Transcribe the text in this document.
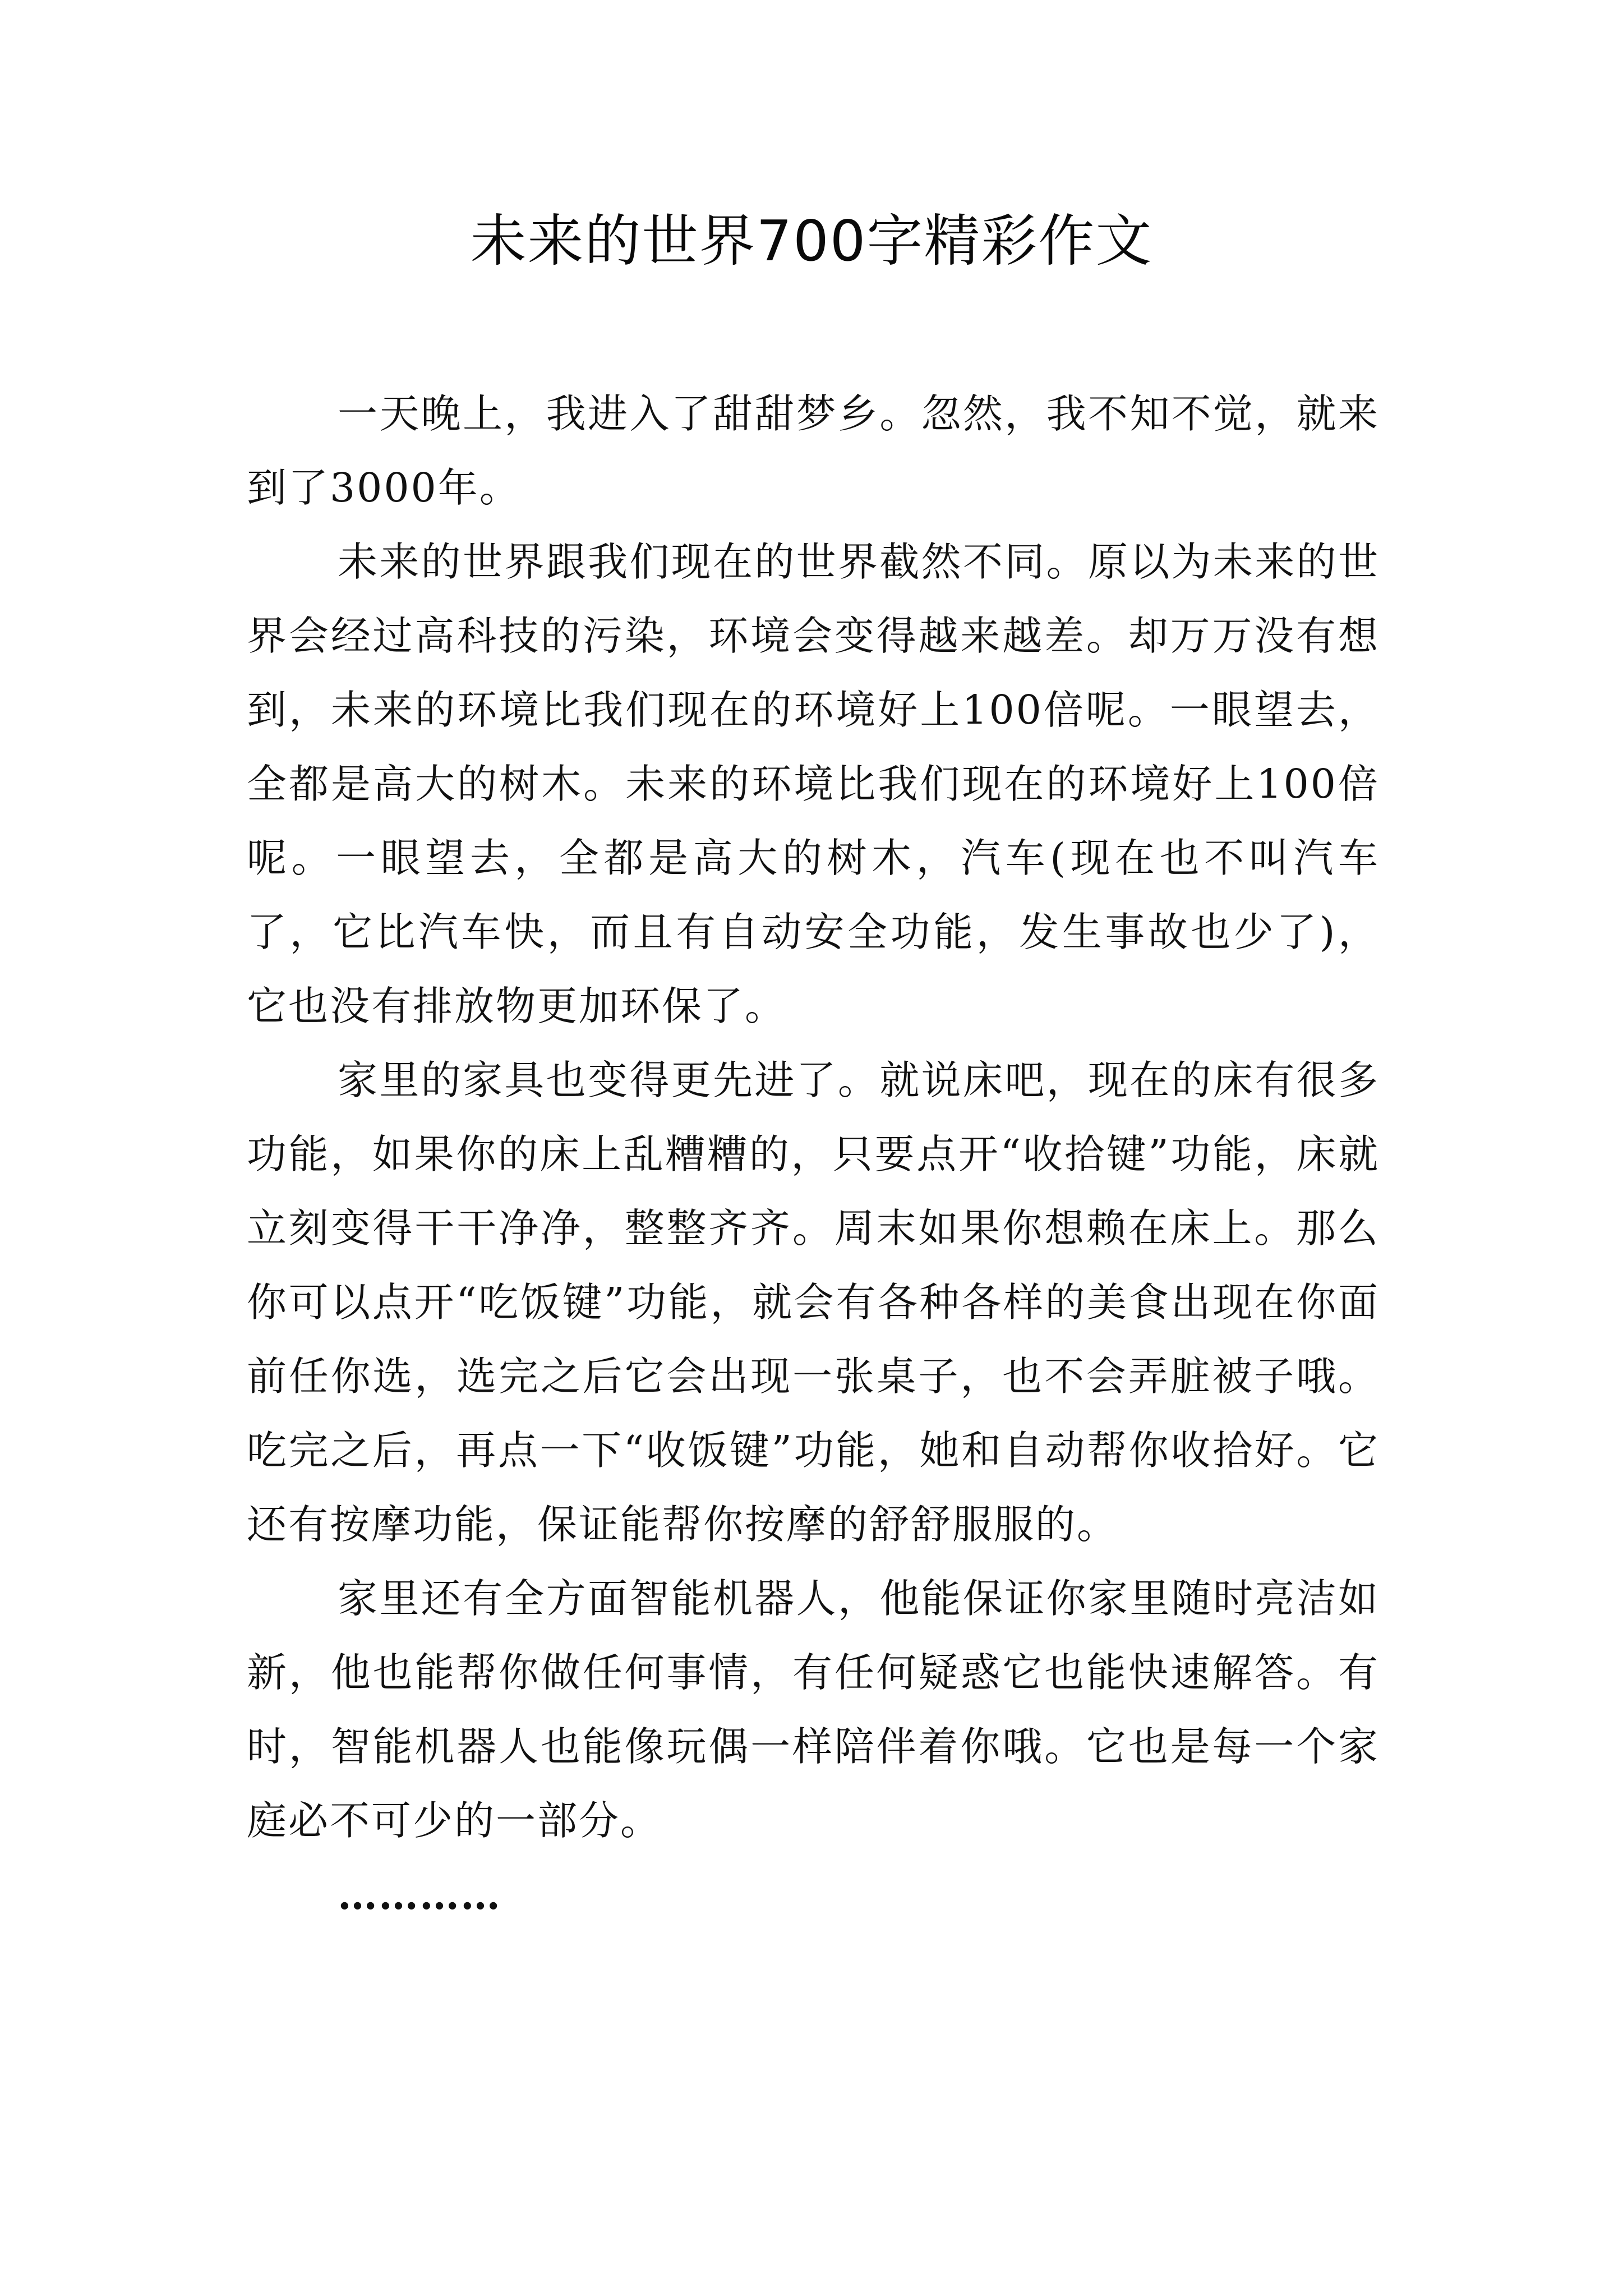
未来的世界700字精彩作文

一天晚上，我进入了甜甜梦乡。忽然，我不知不觉，就来到了3000年。

未来的世界跟我们现在的世界截然不同。原以为未来的世界会经过高科技的污染，环境会变得越来越差。却万万没有想到，未来的环境比我们现在的环境好上100倍呢。一眼望去，全都是高大的树木。未来的环境比我们现在的环境好上100倍呢。一眼望去，全都是高大的树木，汽车(现在也不叫汽车了，它比汽车快，而且有自动安全功能，发生事故也少了)，它也没有排放物更加环保了。

家里的家具也变得更先进了。就说床吧，现在的床有很多功能，如果你的床上乱糟糟的，只要点开“收拾键”功能，床就立刻变得干干净净，整整齐齐。周末如果你想赖在床上。那么你可以点开“吃饭键”功能，就会有各种各样的美食出现在你面前任你选，选完之后它会出现一张桌子，也不会弄脏被子哦。吃完之后，再点一下“收饭键”功能，她和自动帮你收拾好。它还有按摩功能，保证能帮你按摩的舒舒服服的。

家里还有全方面智能机器人，他能保证你家里随时亮洁如新，他也能帮你做任何事情，有任何疑惑它也能快速解答。有时，智能机器人也能像玩偶一样陪伴着你哦。它也是每一个家庭必不可少的一部分。

…………
